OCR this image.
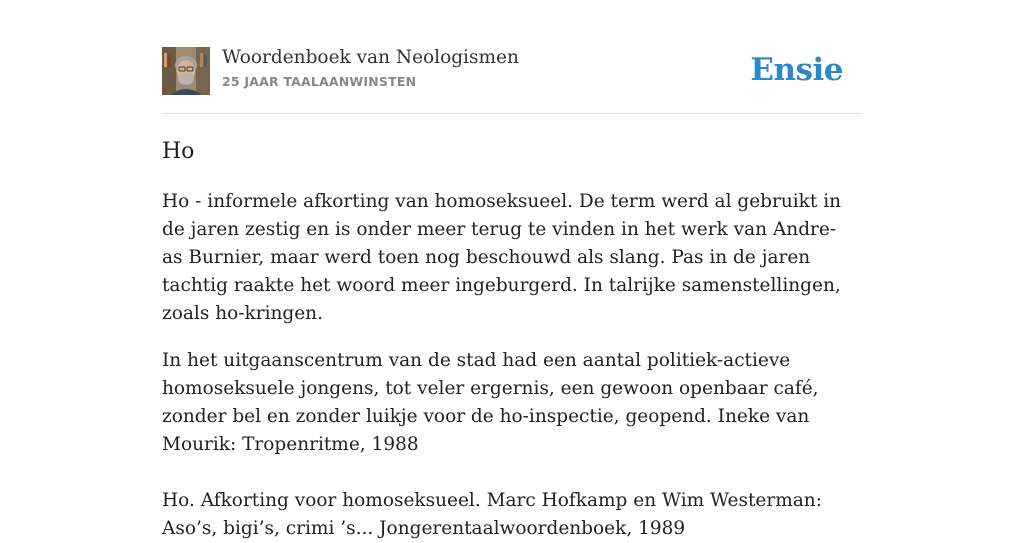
Woordenboek van Neologismen
25 JAAR TAALAANWINSTEN	Ensie
Ho

Ho - informele afkorting van homoseksueel. De term werd al gebruikt in de jaren zestig en is onder meer terug te vinden in het werk van Andre- as Burnier, maar werd toen nog beschouwd als slang. Pas in de jaren tachtig raakte het woord meer ingeburgerd. In talrijke samenstellingen, zoals ho-kringen.

In het uitgaanscentrum van de stad had een aantal politiek-actieve homoseksuele jongens, tot veler ergernis, een gewoon openbaar café, zonder bel en zonder luikje voor de ho-inspectie, geopend. Ineke van Mourik: Tropenritme, 1988

Ho. Afkorting voor homoseksueel. Marc Hofkamp en Wim Westerman: Aso’s, bigi’s, crimi ’s... Jongerentaalwoordenboek, 1989
